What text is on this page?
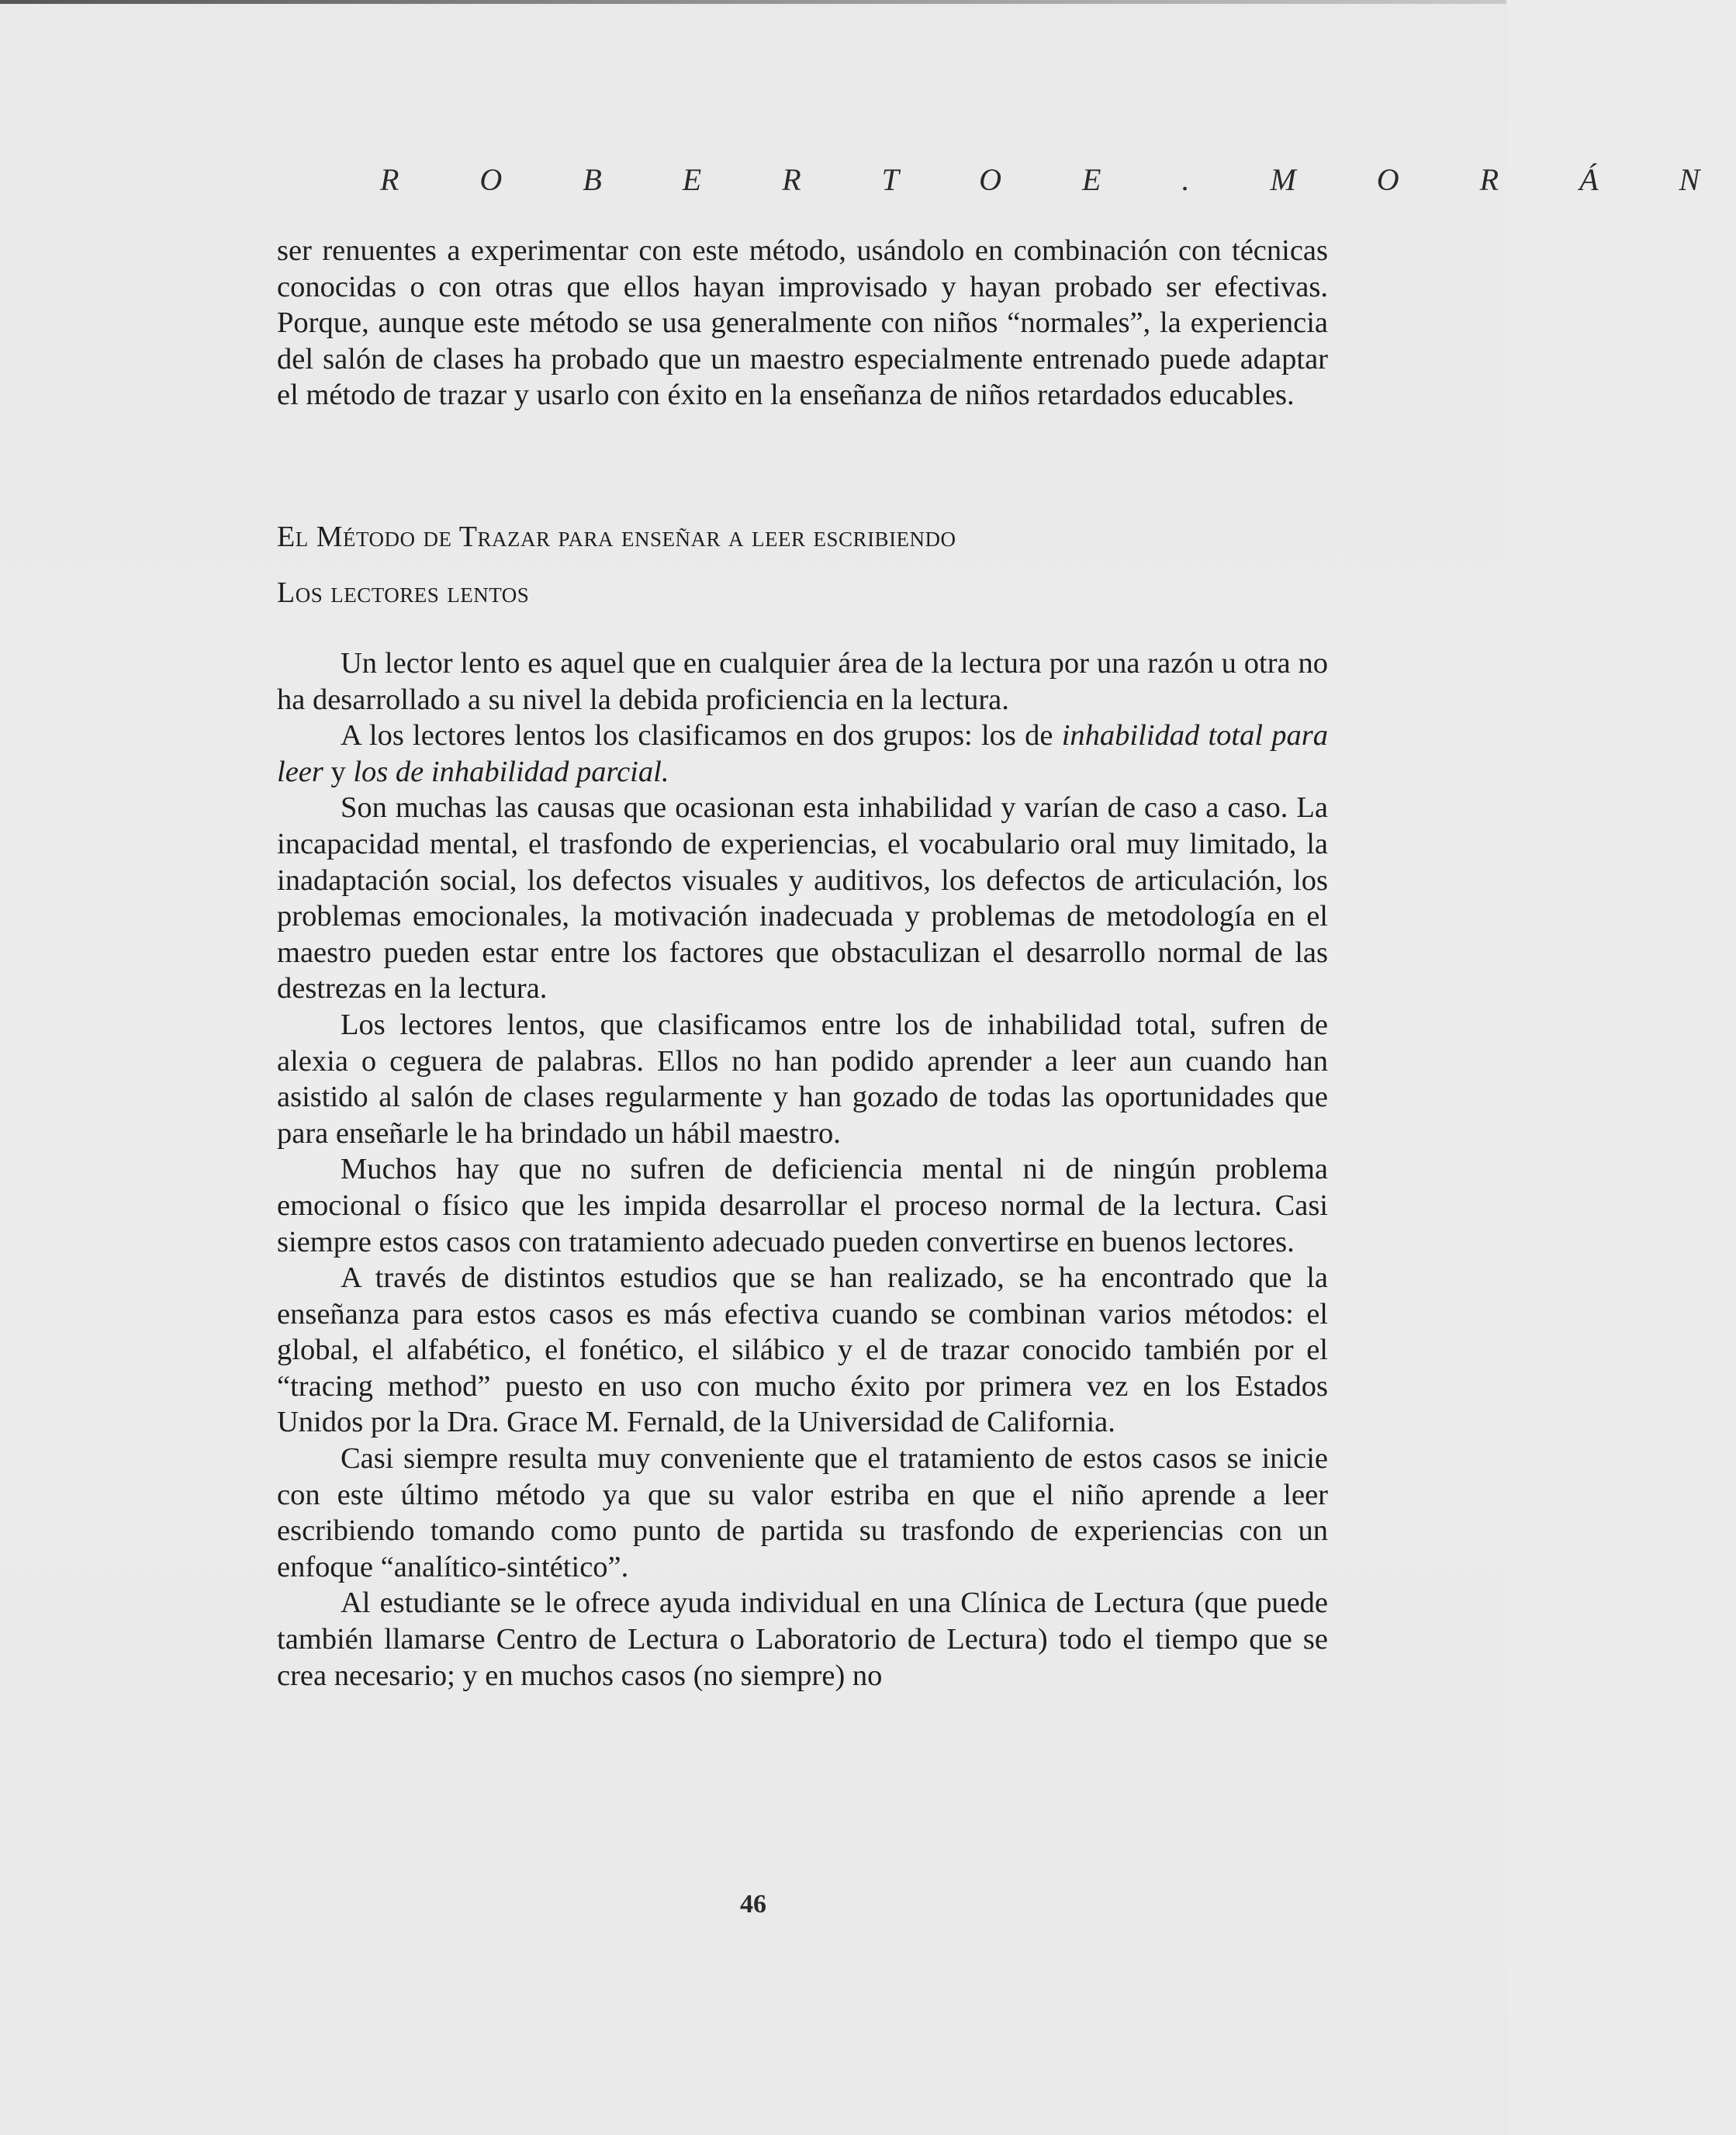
R O B E R T O E . M O R Á N

ser renuentes a experimentar con este método, usándolo en combinación con técnicas conocidas o con otras que ellos hayan improvisado y hayan probado ser efectivas. Porque, aunque este método se usa generalmente con niños “normales”, la experiencia del salón de clases ha probado que un maestro especialmente entrenado puede adaptar el método de trazar y usarlo con éxito en la enseñanza de niños retardados educables.

El Método de Trazar para enseñar a leer escribiendo
Los lectores lentos

Un lector lento es aquel que en cualquier área de la lectura por una razón u otra no ha desarrollado a su nivel la debida proficiencia en la lectura.

A los lectores lentos los clasificamos en dos grupos: los de inhabilidad total para leer y los de inhabilidad parcial.

Son muchas las causas que ocasionan esta inhabilidad y varían de caso a caso. La incapacidad mental, el trasfondo de experiencias, el vocabulario oral muy limitado, la inadaptación social, los defectos visuales y auditivos, los defectos de articulación, los problemas emocionales, la motivación inadecuada y problemas de metodología en el maestro pueden estar entre los factores que obstaculizan el desarrollo normal de las destrezas en la lectura.

Los lectores lentos, que clasificamos entre los de inhabilidad total, sufren de alexia o ceguera de palabras. Ellos no han podido aprender a leer aun cuando han asistido al salón de clases regularmente y han gozado de todas las oportunidades que para enseñarle le ha brindado un hábil maestro.

Muchos hay que no sufren de deficiencia mental ni de ningún problema emocional o físico que les impida desarrollar el proceso normal de la lectura. Casi siempre estos casos con tratamiento adecuado pueden convertirse en buenos lectores.

A través de distintos estudios que se han realizado, se ha encontrado que la enseñanza para estos casos es más efectiva cuando se combinan varios métodos: el global, el alfabético, el fonético, el silábico y el de trazar conocido también por el “tracing method” puesto en uso con mucho éxito por primera vez en los Estados Unidos por la Dra. Grace M. Fernald, de la Universidad de California.

Casi siempre resulta muy conveniente que el tratamiento de estos casos se inicie con este último método ya que su valor estriba en que el niño aprende a leer escribiendo tomando como punto de partida su trasfondo de experiencias con un enfoque “analítico-sintético”.

Al estudiante se le ofrece ayuda individual en una Clínica de Lectura (que puede también llamarse Centro de Lectura o Laboratorio de Lectura) todo el tiempo que se crea necesario; y en muchos casos (no siempre) no

46
